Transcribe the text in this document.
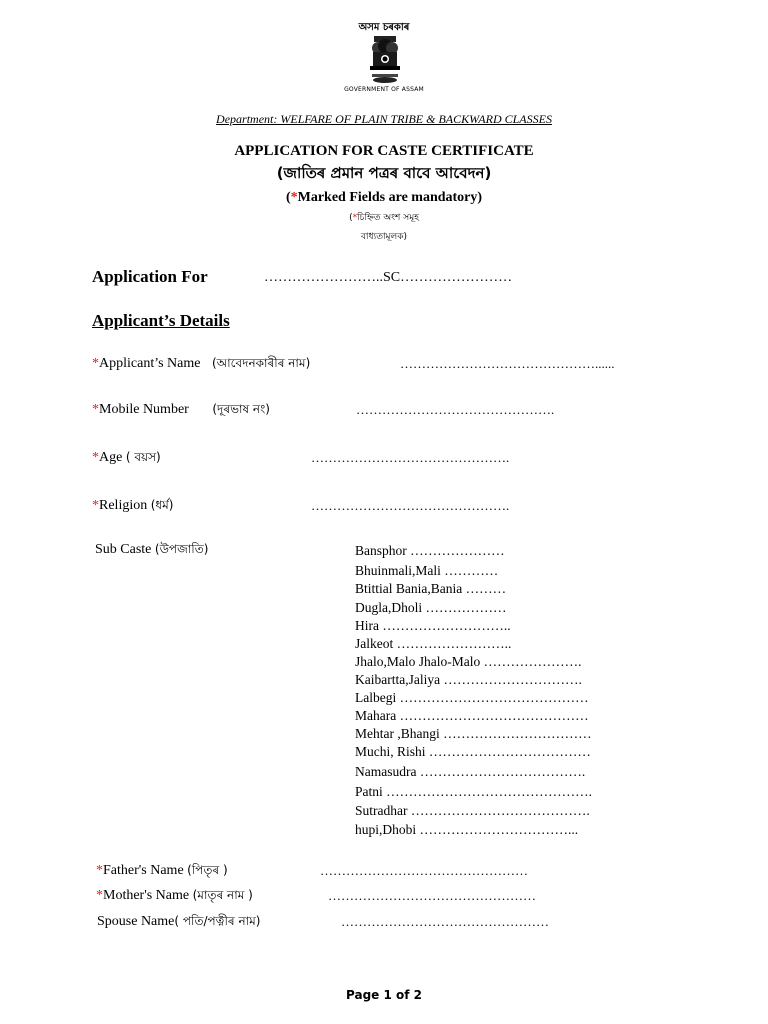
অসম চৰকাৰ
GOVERNMENT OF ASSAM
Department: WELFARE OF PLAIN TRIBE & BACKWARD CLASSES
APPLICATION FOR CASTE CERTIFICATE
(জাতিৰ প্ৰমান পত্ৰৰ বাবে আবেদন)
(*Marked Fields are mandatory)
(*চিহ্নিত অংশ সমূহ
বাধ্যতামূলক)
Application For	……………………..SC……………………
Applicant’s Details
*Applicant’s Name (আবেদনকাৰীৰ নাম)	………………………………………......
*Mobile Number (দূৰভাষ নং)	……………………………………….
*Age ( বয়স)	……………………………………….
*Religion (ধৰ্ম)	……………………………………….
Sub Caste (উপজাতি)	Bansphor …………………
Bhuinmali,Mali …………
Btittial Bania,Bania ………
Dugla,Dholi ………………
Hira ………………………..
Jalkeot ……………………..
Jhalo,Malo Jhalo-Malo ………………….
Kaibartta,Jaliya ………………………….
Lalbegi ……………………………………
Mahara ……………………………………
Mehtar ,Bhangi ……………………………
Muchi, Rishi ………………………………
Namasudra ……………………………….
Patni ……………………………………….
Sutradhar ………………………………….
hupi,Dhobi ……………………………...
*Father's Name (পিতৃৰ )	…………………………………………
*Mother's Name (মাতৃৰ নাম )	…………………………………………
Spouse Name( পতি/পত্নীৰ নাম)	…………………………………………
Page 1 of 2
